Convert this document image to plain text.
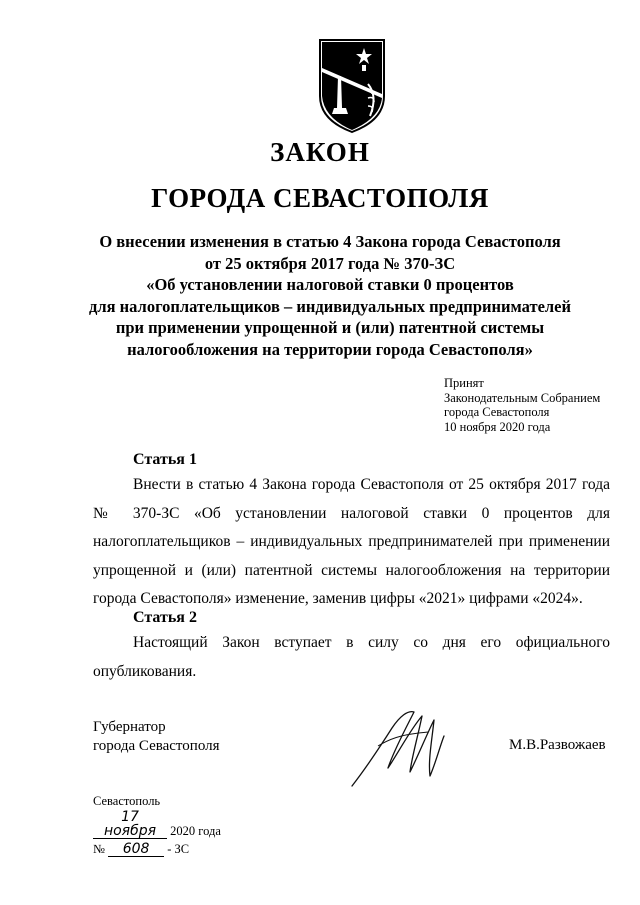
ЗАКОН
ГОРОДА СЕВАСТОПОЛЯ
О внесении изменения в статью 4 Закона города Севастополя
от 25 октября 2017 года № 370-ЗС
«Об установлении налоговой ставки 0 процентов
для налогоплательщиков – индивидуальных предпринимателей
при применении упрощенной и (или) патентной системы
налогообложения на территории города Севастополя»
Принят
Законодательным Собранием
города Севастополя
10 ноября 2020 года
Статья 1
Внести в статью 4 Закона города Севастополя от 25 октября 2017 года № 370-ЗС «Об установлении налоговой ставки 0 процентов для налогоплательщиков – индивидуальных предпринимателей при применении упрощенной и (или) патентной системы налогообложения на территории города Севастополя» изменение, заменив цифры «2021» цифрами «2024».
Статья 2
Настоящий Закон вступает в силу со дня его официального опубликования.
Губернатор
города Севастополя	М.В.Развожаев
Севастополь
17 ноября 2020 года
№ 608 - ЗС
